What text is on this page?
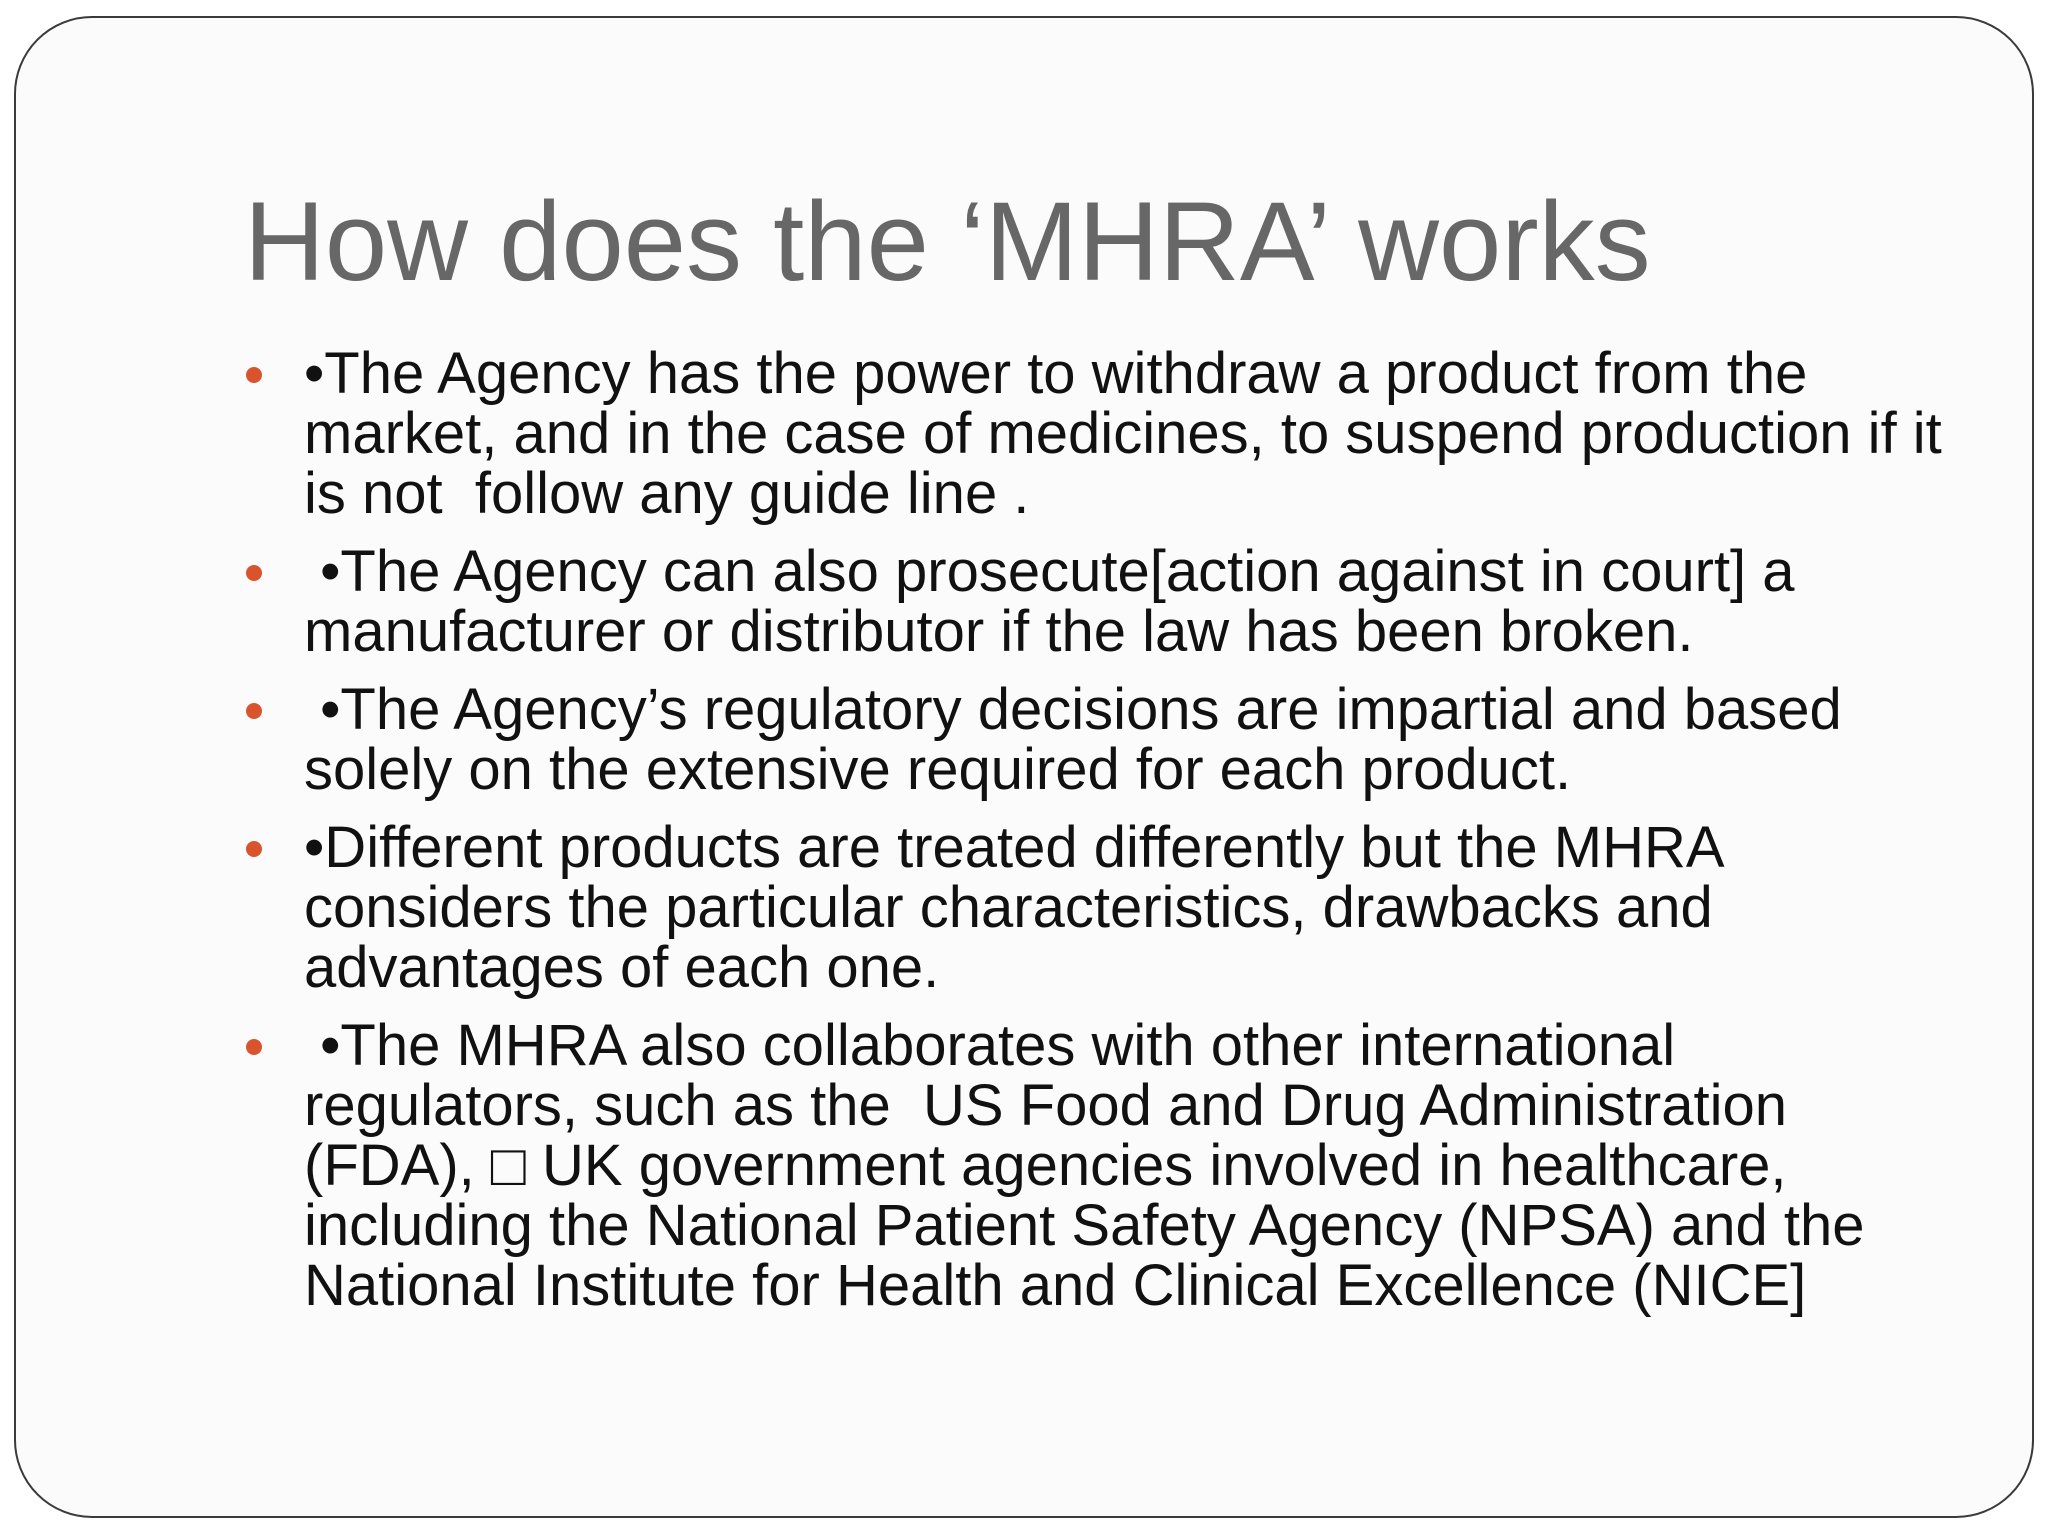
How does the ‘MHRA’ works
•The Agency has the power to withdraw a product from the market, and in the case of medicines, to suspend production if it is not  follow any guide line .
•The Agency can also prosecute[action against in court] a manufacturer or distributor if the law has been broken.
•The Agency’s regulatory decisions are impartial and based solely on the extensive required for each product.
•Different products are treated differently but the MHRA considers the particular characteristics, drawbacks and advantages of each one.
•The MHRA also collaborates with other international regulators, such as the  US Food and Drug Administration (FDA), □ UK government agencies involved in healthcare, including the National Patient Safety Agency (NPSA) and the National Institute for Health and Clinical Excellence (NICE]
